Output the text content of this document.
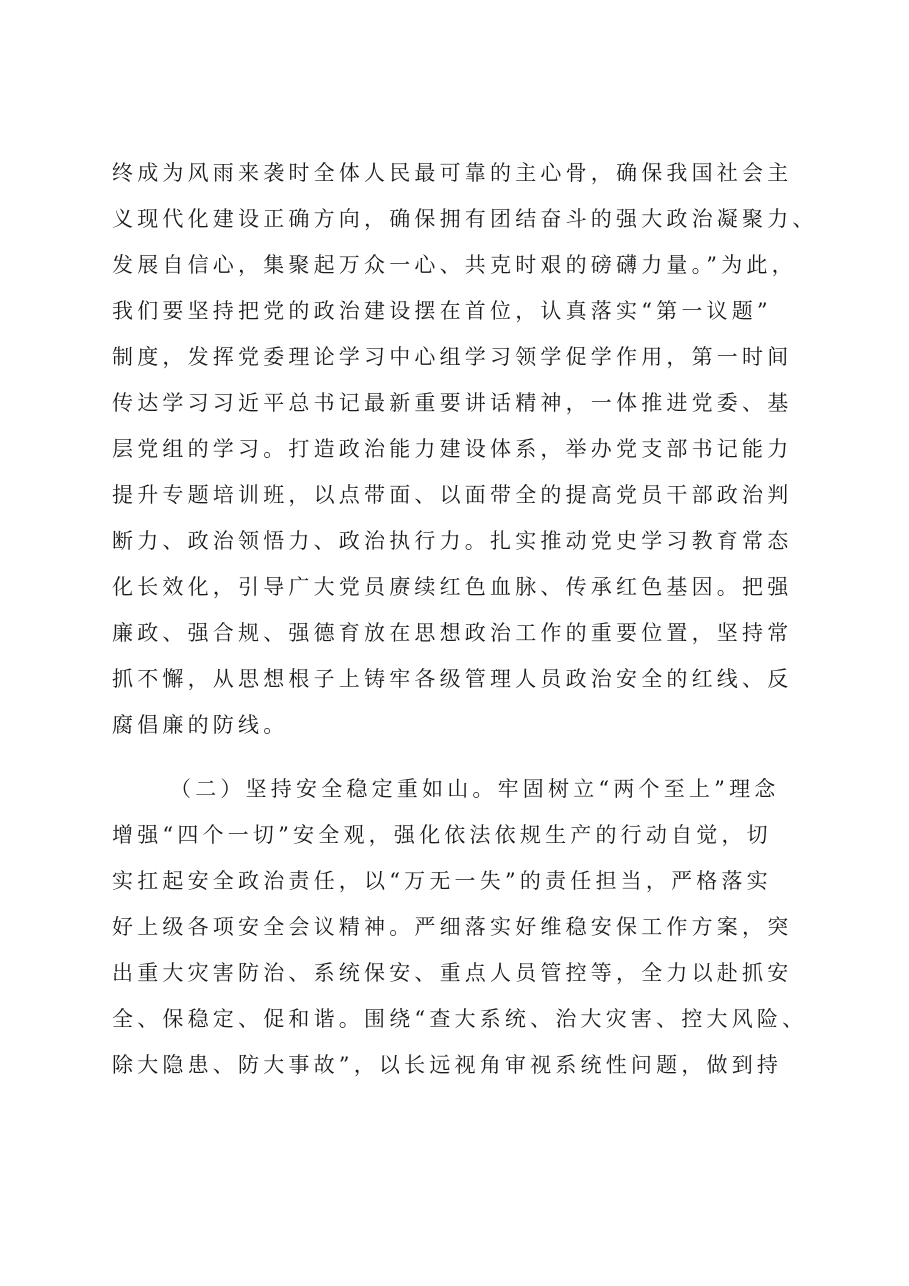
终成为风雨来袭时全体人民最可靠的主心骨，确保我国社会主
义现代化建设正确方向，确保拥有团结奋斗的强大政治凝聚力、
发展自信心，集聚起万众一心、共克时艰的磅礴力量。”为此，
我们要坚持把党的政治建设摆在首位，认真落实“第一议题”
制度，发挥党委理论学习中心组学习领学促学作用，第一时间
传达学习习近平总书记最新重要讲话精神，一体推进党委、基
层党组的学习。打造政治能力建设体系，举办党支部书记能力
提升专题培训班，以点带面、以面带全的提高党员干部政治判
断力、政治领悟力、政治执行力。扎实推动党史学习教育常态
化长效化，引导广大党员赓续红色血脉、传承红色基因。把强
廉政、强合规、强德育放在思想政治工作的重要位置，坚持常
抓不懈，从思想根子上铸牢各级管理人员政治安全的红线、反
腐倡廉的防线。
（二）坚持安全稳定重如山。牢固树立“两个至上”理念
增强“四个一切”安全观，强化依法依规生产的行动自觉，切
实扛起安全政治责任，以“万无一失”的责任担当，严格落实
好上级各项安全会议精神。严细落实好维稳安保工作方案，突
出重大灾害防治、系统保安、重点人员管控等，全力以赴抓安
全、保稳定、促和谐。围绕“查大系统、治大灾害、控大风险、
除大隐患、防大事故”，以长远视角审视系统性问题，做到持
